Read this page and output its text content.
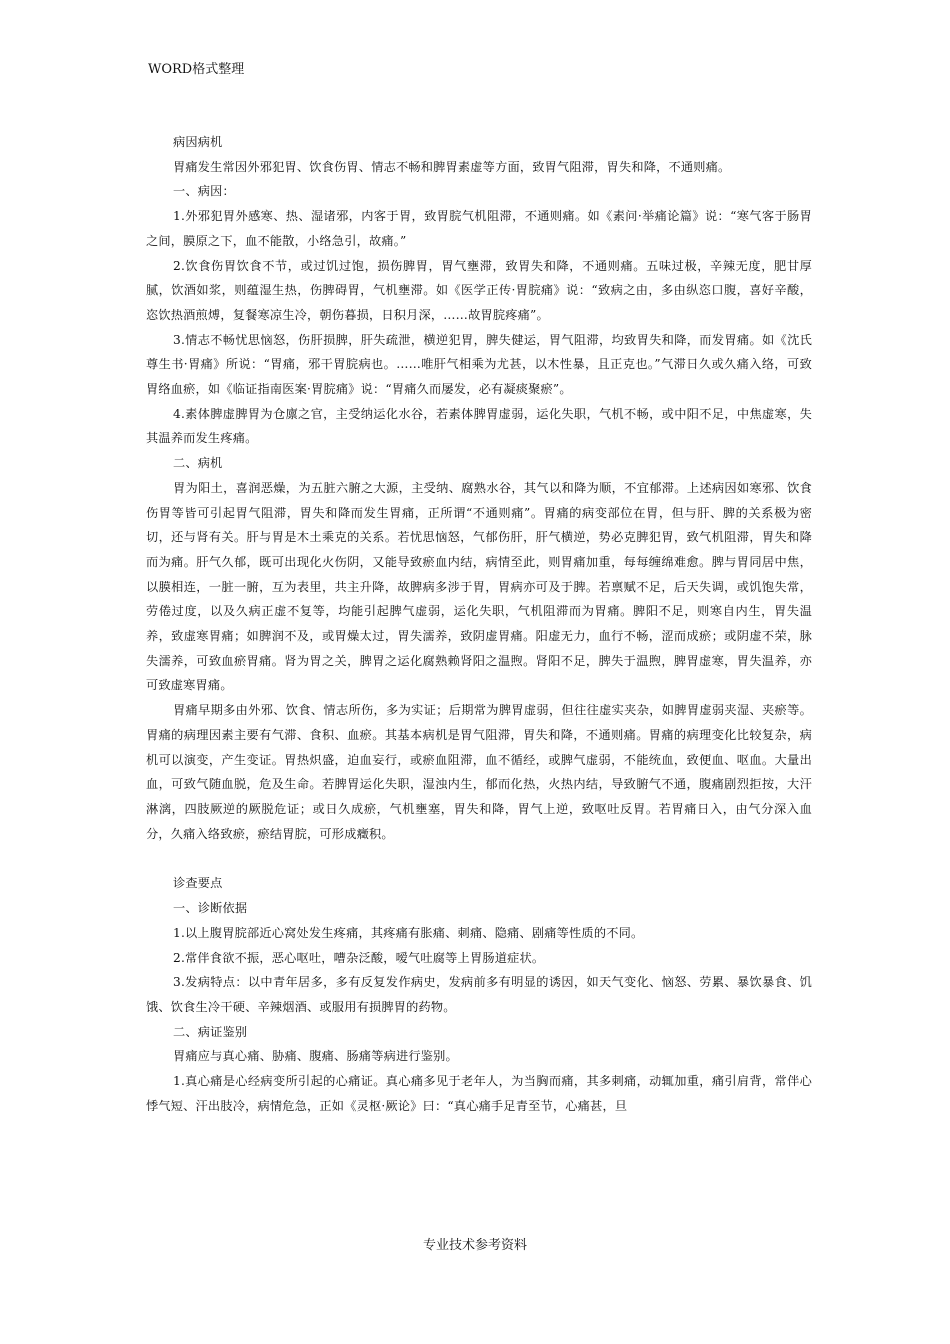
WORD格式整理

病因病机

胃痛发生常因外邪犯胃、饮食伤胃、情志不畅和脾胃素虚等方面，致胃气阻滞，胃失和降，不通则痛。

一、病因：

1.外邪犯胃外感寒、热、湿诸邪，内客于胃，致胃脘气机阻滞，不通则痛。如《素问·举痛论篇》说：“寒气客于肠胃之间，膜原之下，血不能散，小络急引，故痛。”

2.饮食伤胃饮食不节，或过饥过饱，损伤脾胃，胃气壅滞，致胃失和降，不通则痛。五味过极，辛辣无度，肥甘厚腻，饮酒如浆，则蕴湿生热，伤脾碍胃，气机壅滞。如《医学正传·胃脘痛》说：“致病之由，多由纵恣口腹，喜好辛酸，恣饮热酒煎煿，复餐寒凉生冷，朝伤暮损，日积月深，……故胃脘疼痛”。

3.情志不畅忧思恼怒，伤肝损脾，肝失疏泄，横逆犯胃，脾失健运，胃气阻滞，均致胃失和降，而发胃痛。如《沈氏尊生书·胃痛》所说：“胃痛，邪干胃脘病也。……唯肝气相乘为尤甚，以木性暴，且正克也。”气滞日久或久痛入络，可致胃络血瘀，如《临证指南医案·胃脘痛》说：“胃痛久而屡发，必有凝痰聚瘀”。

4.素体脾虚脾胃为仓廪之官，主受纳运化水谷，若素体脾胃虚弱，运化失职，气机不畅，或中阳不足，中焦虚寒，失其温养而发生疼痛。

二、病机

胃为阳土，喜润恶燥，为五脏六腑之大源，主受纳、腐熟水谷，其气以和降为顺，不宜郁滞。上述病因如寒邪、饮食伤胃等皆可引起胃气阻滞，胃失和降而发生胃痛，正所谓“不通则痛”。胃痛的病变部位在胃，但与肝、脾的关系极为密切，还与肾有关。肝与胃是木土乘克的关系。若忧思恼怒，气郁伤肝，肝气横逆，势必克脾犯胃，致气机阻滞，胃失和降而为痛。肝气久郁，既可出现化火伤阴，又能导致瘀血内结，病情至此，则胃痛加重，每每缠绵难愈。脾与胃同居中焦，以膜相连，一脏一腑，互为表里，共主升降，故脾病多涉于胃，胃病亦可及于脾。若禀赋不足，后天失调，或饥饱失常，劳倦过度，以及久病正虚不复等，均能引起脾气虚弱，运化失职，气机阻滞而为胃痛。脾阳不足，则寒自内生，胃失温养，致虚寒胃痛；如脾润不及，或胃燥太过，胃失濡养，致阴虚胃痛。阳虚无力，血行不畅，涩而成瘀；或阴虚不荣，脉失濡养，可致血瘀胃痛。肾为胃之关，脾胃之运化腐熟赖肾阳之温煦。肾阳不足，脾失于温煦，脾胃虚寒，胃失温养，亦可致虚寒胃痛。

胃痛早期多由外邪、饮食、情志所伤，多为实证；后期常为脾胃虚弱，但往往虚实夹杂，如脾胃虚弱夹湿、夹瘀等。胃痛的病理因素主要有气滞、食积、血瘀。其基本病机是胃气阻滞，胃失和降，不通则痛。胃痛的病理变化比较复杂，病机可以演变，产生变证。胃热炽盛，迫血妄行，或瘀血阻滞，血不循经，或脾气虚弱，不能统血，致便血、呕血。大量出血，可致气随血脱，危及生命。若脾胃运化失职，湿浊内生，郁而化热，火热内结，导致腑气不通，腹痛剧烈拒按，大汗淋漓，四肢厥逆的厥脱危证；或日久成瘀，气机壅塞，胃失和降，胃气上逆，致呕吐反胃。若胃痛日入，由气分深入血分，久痛入络致瘀，瘀结胃脘，可形成癥积。

诊查要点

一、诊断依据

1.以上腹胃脘部近心窝处发生疼痛，其疼痛有胀痛、刺痛、隐痛、剧痛等性质的不同。

2.常伴食欲不振，恶心呕吐，嘈杂泛酸，嗳气吐腐等上胃肠道症状。

3.发病特点：以中青年居多，多有反复发作病史，发病前多有明显的诱因，如天气变化、恼怒、劳累、暴饮暴食、饥饿、饮食生冷干硬、辛辣烟酒、或服用有损脾胃的药物。

二、病证鉴别

胃痛应与真心痛、胁痛、腹痛、肠痛等病进行鉴别。

1.真心痛是心经病变所引起的心痛证。真心痛多见于老年人，为当胸而痛，其多刺痛，动辄加重，痛引肩背，常伴心悸气短、汗出肢冷，病情危急，正如《灵枢·厥论》曰：“真心痛手足青至节，心痛甚，旦

专业技术参考资料
